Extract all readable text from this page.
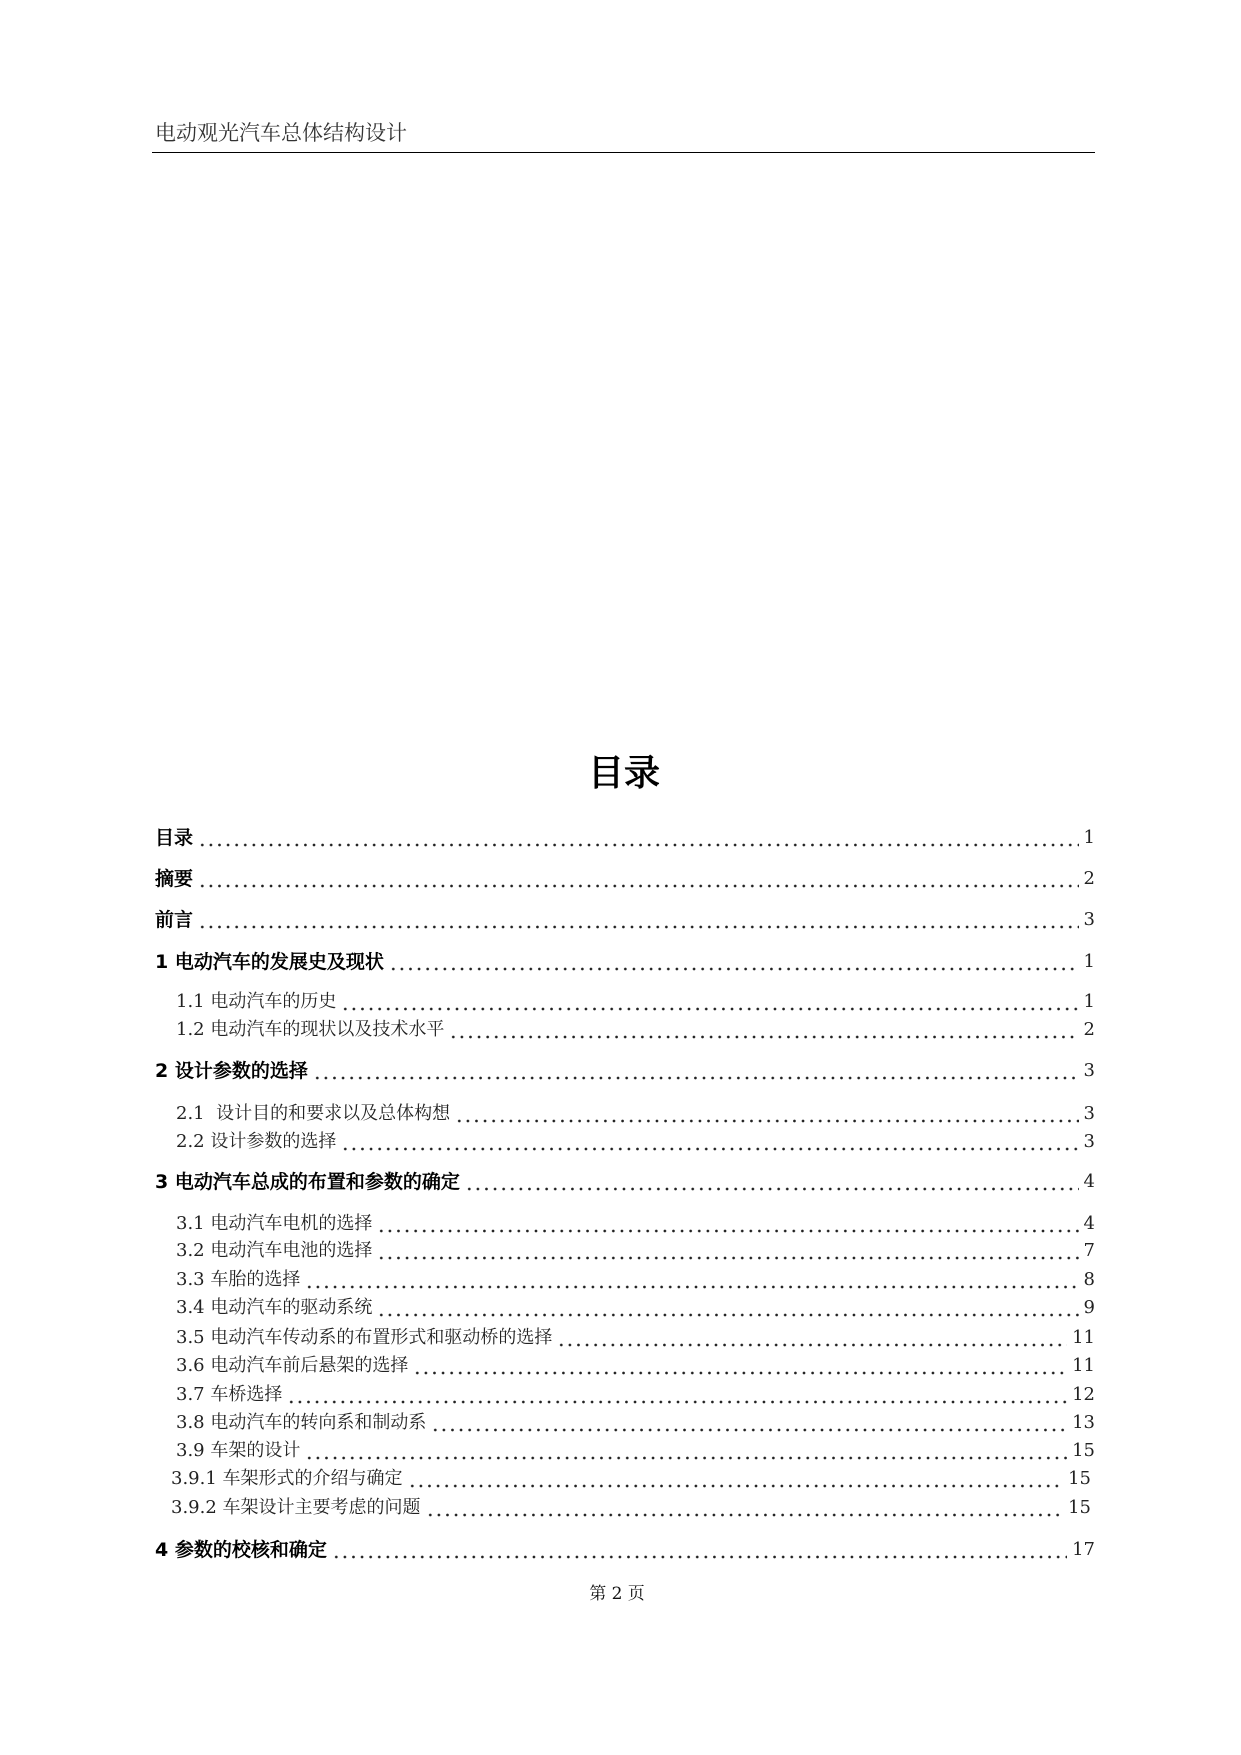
电动观光汽车总体结构设计
目录
目录	1
摘要	2
前言	3
1 电动汽车的发展史及现状	1
1.1 电动汽车的历史	1
1.2 电动汽车的现状以及技术水平	2
2 设计参数的选择	3
2.1  设计目的和要求以及总体构想	3
2.2 设计参数的选择	3
3 电动汽车总成的布置和参数的确定	4
3.1 电动汽车电机的选择	4
3.2 电动汽车电池的选择	7
3.3 车胎的选择	8
3.4 电动汽车的驱动系统	9
3.5 电动汽车传动系的布置形式和驱动桥的选择	11
3.6 电动汽车前后悬架的选择	11
3.7 车桥选择	12
3.8 电动汽车的转向系和制动系	13
3.9 车架的设计	15
3.9.1 车架形式的介绍与确定	15
3.9.2 车架设计主要考虑的问题	15
4 参数的校核和确定	17
第 2 页
